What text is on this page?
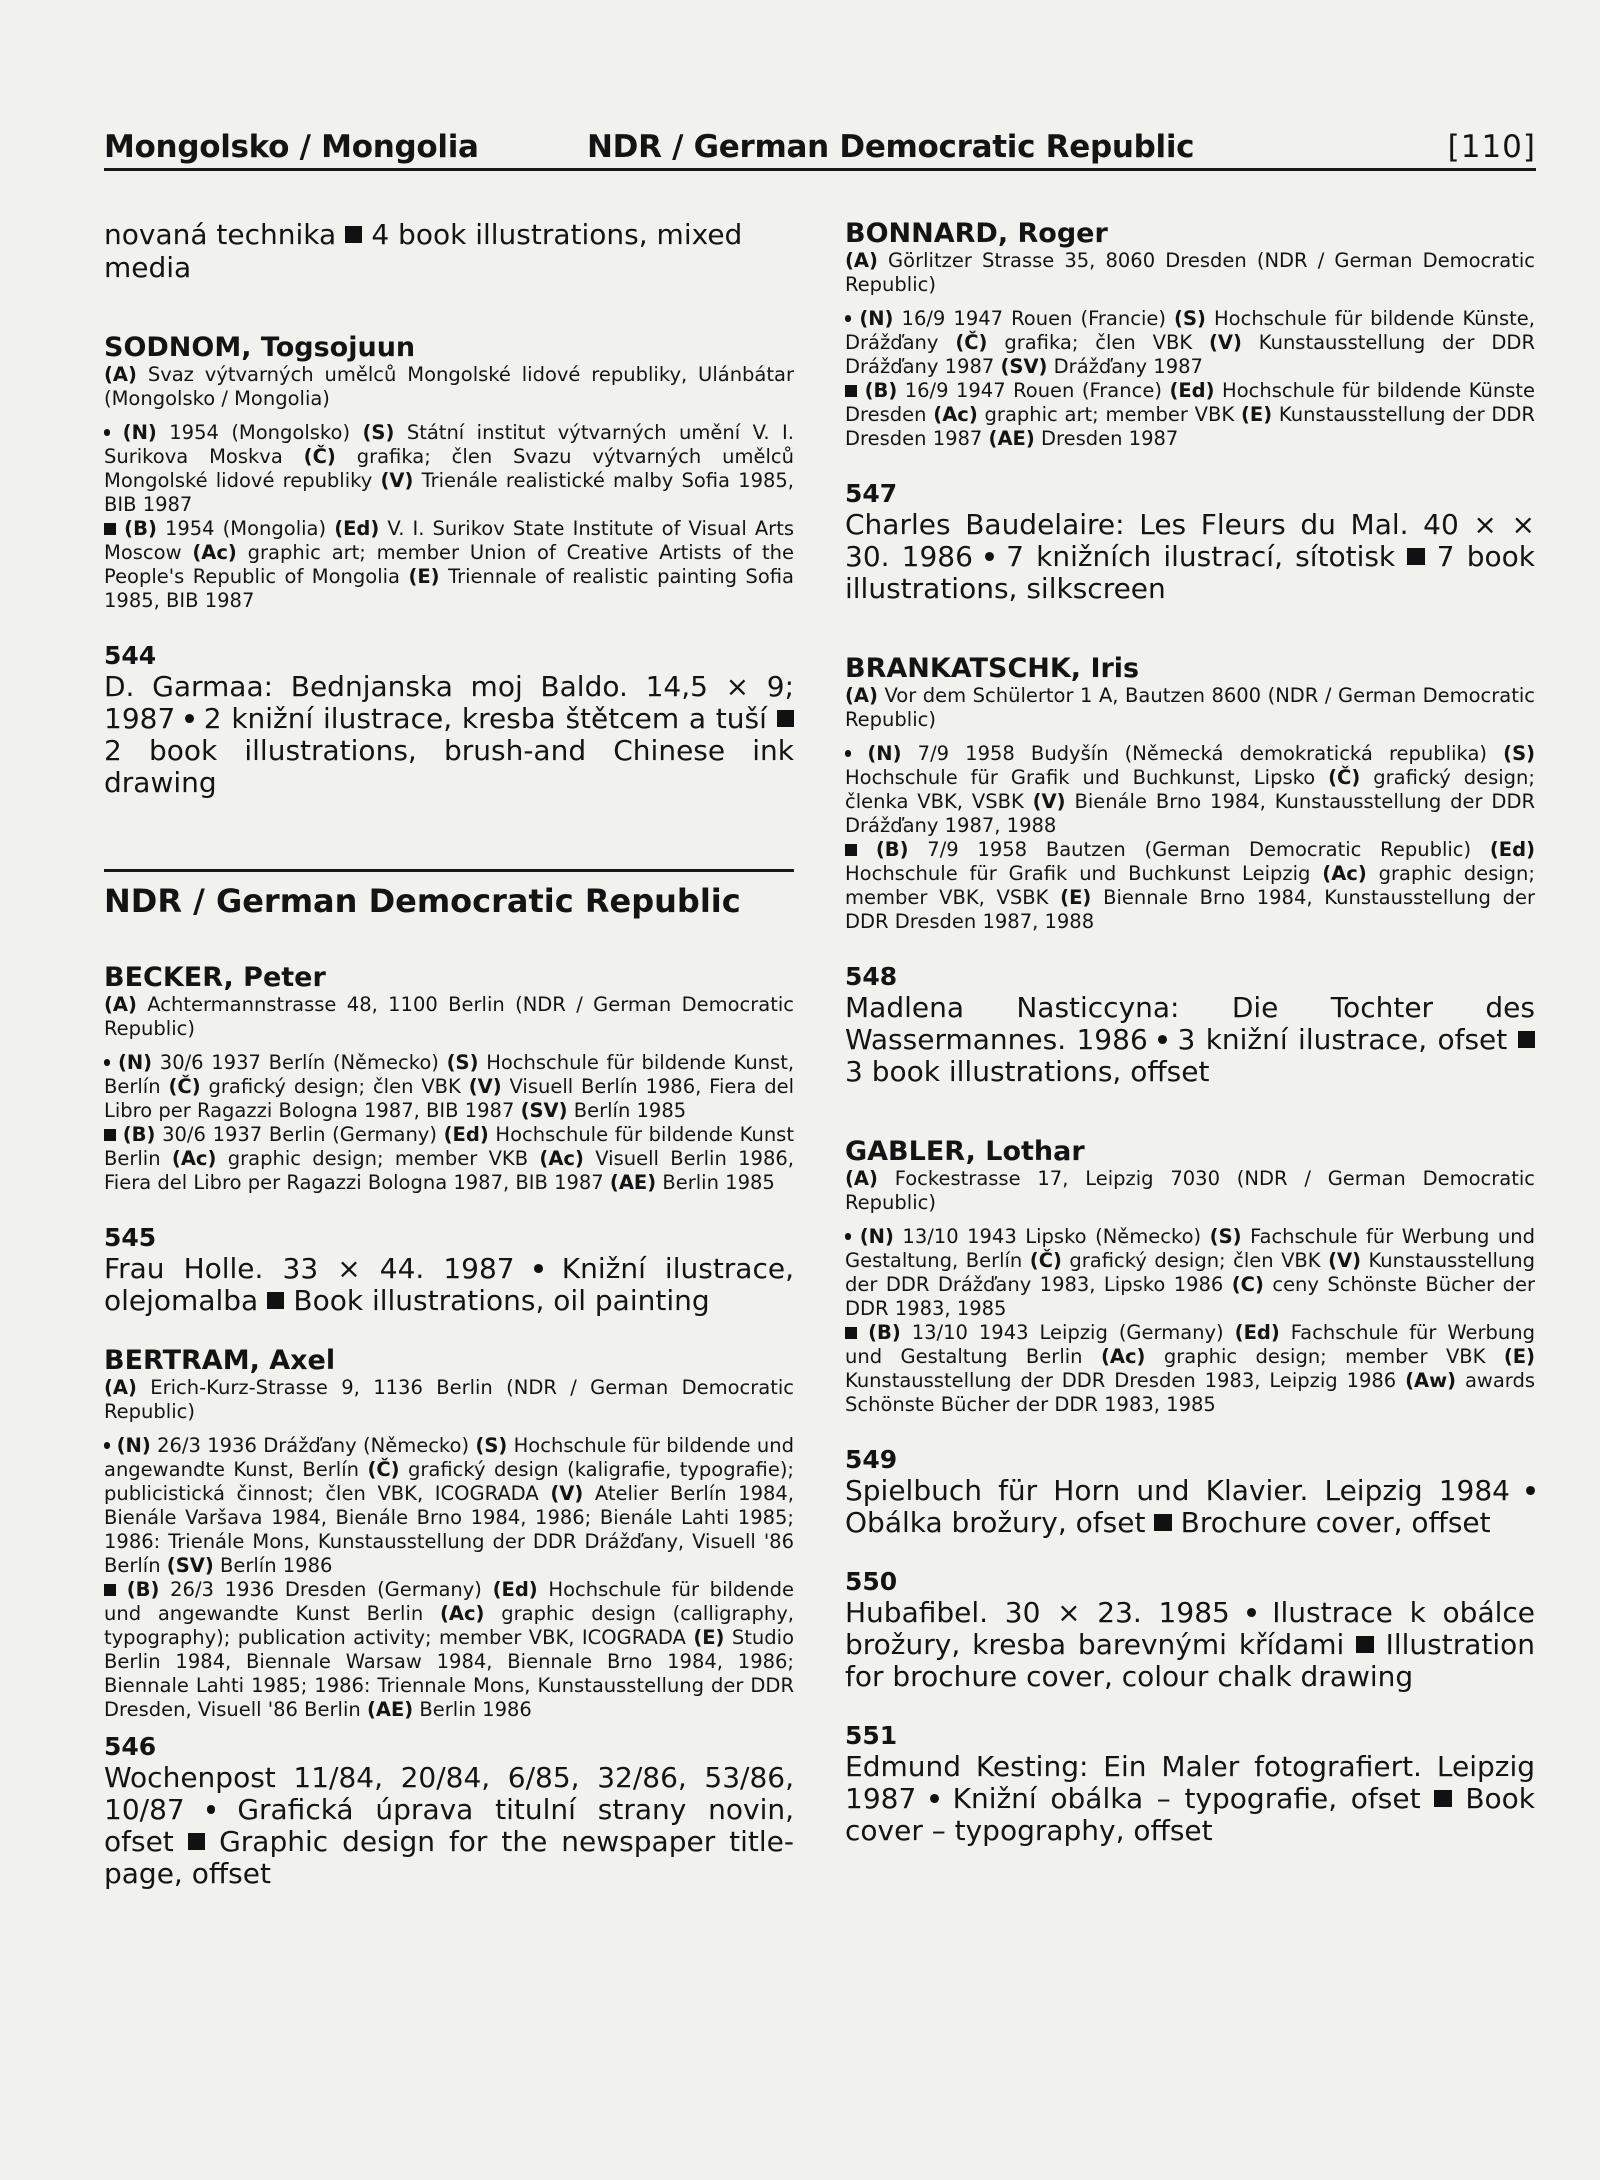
Mongolsko / Mongolia	NDR / German Democratic Republic	[110]

novaná technika 4 book illustrations, mixed media

SODNOM, Togsojuun

(A) Svaz výtvarných umělců Mongolské lidové republiky, Ulánbátar (Mongolsko / Mongolia)

(N) 1954 (Mongolsko) (S) Státní institut výtvarných umění V. I. Surikova Moskva (Č) grafika; člen Svazu výtvarných umělců Mongolské lidové republiky (V) Trienále realistické malby Sofia 1985, BIB 1987

(B) 1954 (Mongolia) (Ed) V. I. Surikov State Institute of Visual Arts Moscow (Ac) graphic art; member Union of Creative Artists of the People's Republic of Mongolia (E) Triennale of realistic painting Sofia 1985, BIB 1987

544

D. Garmaa: Bednjanska moj Baldo. 14,5 × 9; 1987 2 knižní ilustrace, kresba štětcem a tuší  2 book illustrations, brush-and Chinese ink drawing

NDR / German Democratic Republic

BECKER, Peter

(A) Achtermannstrasse 48, 1100 Berlin (NDR / German Democratic Republic)

(N) 30/6 1937 Berlín (Německo) (S) Hochschule für bildende Kunst, Berlín (Č) grafický design; člen VBK (V) Visuell Berlín 1986, Fiera del Libro per Ragazzi Bologna 1987, BIB 1987 (SV) Berlín 1985

(B) 30/6 1937 Berlin (Germany) (Ed) Hochschule für bildende Kunst Berlin (Ac) graphic design; member VKB (Ac) Visuell Berlin 1986, Fiera del Libro per Ragazzi Bologna 1987, BIB 1987 (AE) Berlin 1985

545

Frau Holle. 33 × 44. 1987 Knižní ilustrace, olejomalba Book illustrations, oil painting

BERTRAM, Axel

(A) Erich-Kurz-Strasse 9, 1136 Berlin (NDR / German Democratic Republic)

(N) 26/3 1936 Drážďany (Německo) (S) Hochschule für bildende und angewandte Kunst, Berlín (Č) grafický design (kaligrafie, typografie); publicistická činnost; člen VBK, ICOGRADA (V) Atelier Berlín 1984, Bienále Varšava 1984, Bienále Brno 1984, 1986; Bienále Lahti 1985; 1986: Trienále Mons, Kunstausstellung der DDR Drážďany, Visuell '86 Berlín (SV) Berlín 1986

(B) 26/3 1936 Dresden (Germany) (Ed) Hochschule für bildende und angewandte Kunst Berlin (Ac) graphic design (calligraphy, typography); publication activity; member VBK, ICOGRADA (E) Studio Berlin 1984, Biennale Warsaw 1984, Biennale Brno 1984, 1986; Biennale Lahti 1985; 1986: Triennale Mons, Kunstausstellung der DDR Dresden, Visuell '86 Berlin (AE) Berlin 1986

546

Wochenpost 11/84, 20/84, 6/85, 32/86, 53/86, 10/87 Grafická úprava titulní strany novin, ofset Graphic design for the newspaper title-page, offset

BONNARD, Roger

(A) Görlitzer Strasse 35, 8060 Dresden (NDR / German Democratic Republic)

(N) 16/9 1947 Rouen (Francie) (S) Hochschule für bildende Künste, Drážďany (Č) grafika; člen VBK (V) Kunstausstellung der DDR Drážďany 1987 (SV) Drážďany 1987

(B) 16/9 1947 Rouen (France) (Ed) Hochschule für bildende Künste Dresden (Ac) graphic art; member VBK (E) Kunstausstellung der DDR Dresden 1987 (AE) Dresden 1987

547

Charles Baudelaire: Les Fleurs du Mal. 40 × × 30. 1986 7 knižních ilustrací, sítotisk 7 book illustrations, silkscreen

BRANKATSCHK, Iris

(A) Vor dem Schülertor 1 A, Bautzen 8600 (NDR / German Democratic Republic)

(N) 7/9 1958 Budyšín (Německá demokratická republika) (S) Hochschule für Grafik und Buchkunst, Lipsko (Č) grafický design; členka VBK, VSBK (V) Bienále Brno 1984, Kunstausstellung der DDR Drážďany 1987, 1988

(B) 7/9 1958 Bautzen (German Democratic Republic) (Ed) Hochschule für Grafik und Buchkunst Leipzig (Ac) graphic design; member VBK, VSBK (E) Biennale Brno 1984, Kunstausstellung der DDR Dresden 1987, 1988

548

Madlena Nasticcyna: Die Tochter des Wassermannes. 1986 3 knižní ilustrace, ofset  3 book illustrations, offset

GABLER, Lothar

(A) Fockestrasse 17, Leipzig 7030 (NDR / German Democratic Republic)

(N) 13/10 1943 Lipsko (Německo) (S) Fachschule für Werbung und Gestaltung, Berlín (Č) grafický design; člen VBK (V) Kunstausstellung der DDR Drážďany 1983, Lipsko 1986 (C) ceny Schönste Bücher der DDR 1983, 1985

(B) 13/10 1943 Leipzig (Germany) (Ed) Fachschule für Werbung und Gestaltung Berlin (Ac) graphic design; member VBK (E) Kunstausstellung der DDR Dresden 1983, Leipzig 1986 (Aw) awards Schönste Bücher der DDR 1983, 1985

549

Spielbuch für Horn und Klavier. Leipzig 1984  Obálka brožury, ofset Brochure cover, offset

550

Hubafibel. 30 × 23. 1985 Ilustrace k obálce brožury, kresba barevnými křídami Illustration for brochure cover, colour chalk drawing

551

Edmund Kesting: Ein Maler fotografiert. Leipzig 1987 Knižní obálka – typografie, ofset Book cover – typography, offset
